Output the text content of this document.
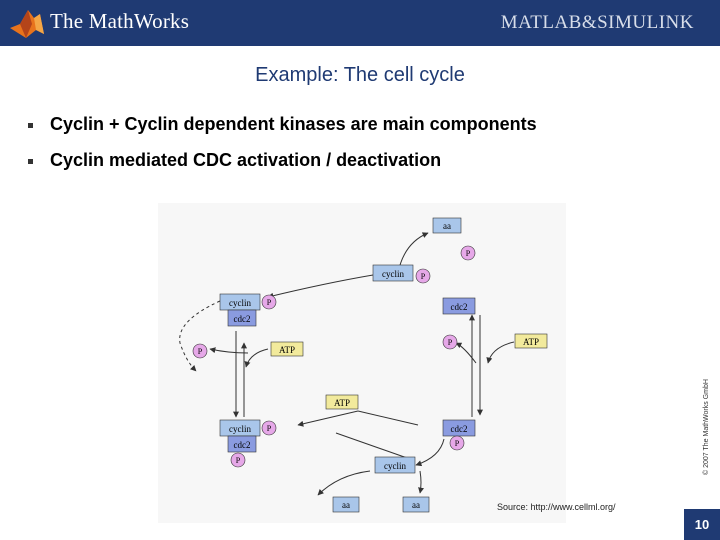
The MathWorks	MATLAB&SIMULINK
Example: The cell cycle
Cyclin + Cyclin dependent kinases are main components
Cyclin mediated CDC activation / deactivation
aa
P
cyclin P
cyclin
cdc2
P	cdc2
P	ATP
P	ATP
ATP
cyclin P
cdc2
P
cdc2
P
cyclin
aa	aa
© 2007 The MathWorks GmbH
Source: http://www.cellml.org/
10
